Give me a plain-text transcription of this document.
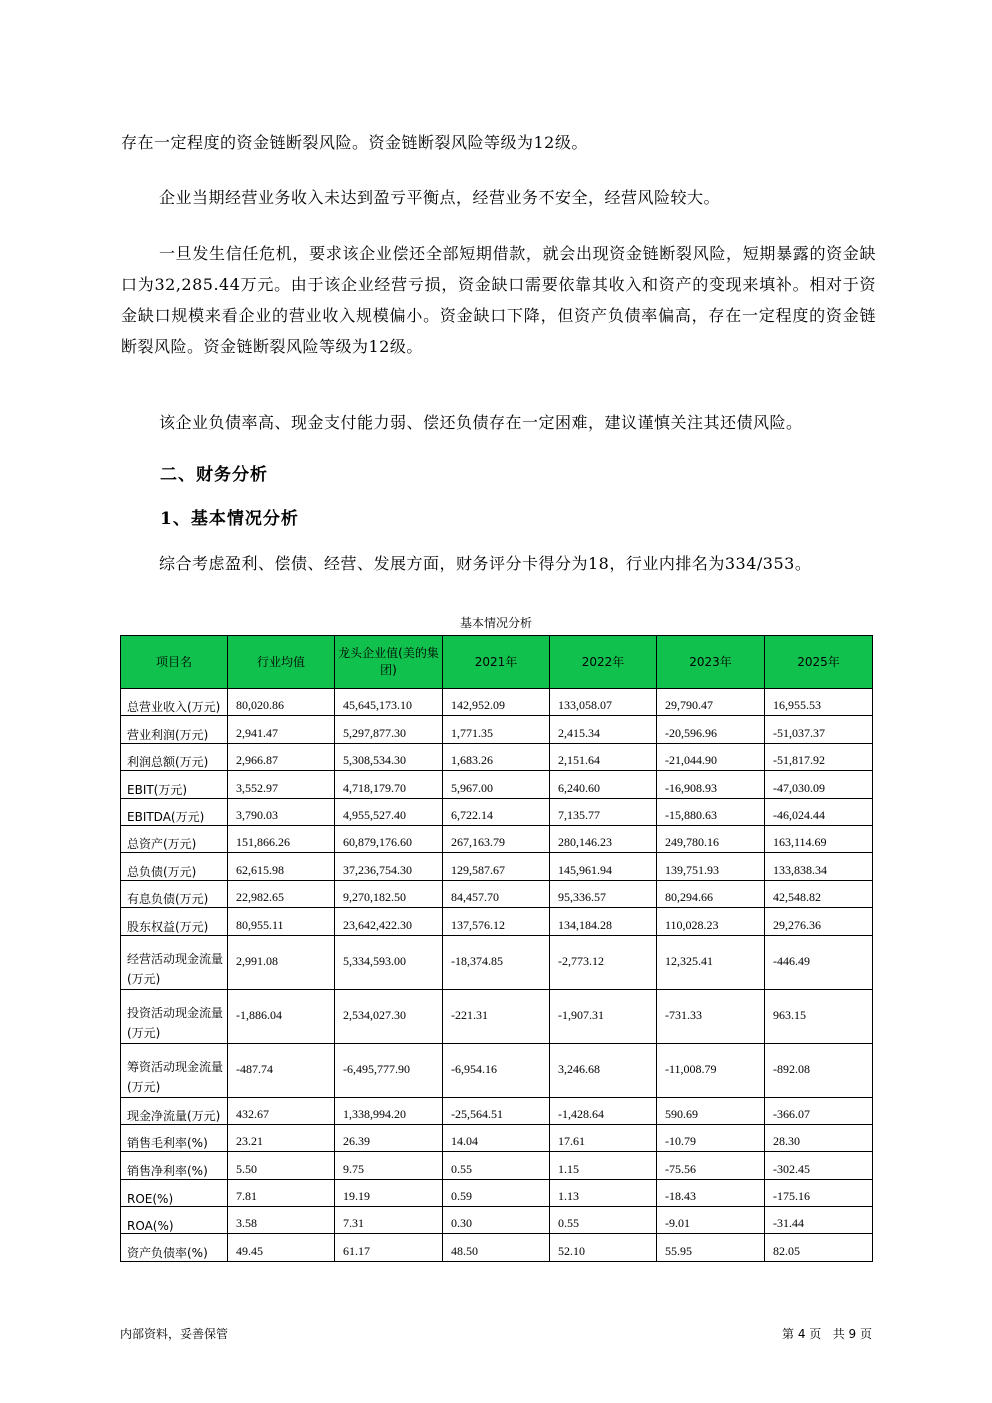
存在一定程度的资金链断裂风险。资金链断裂风险等级为12级。

企业当期经营业务收入未达到盈亏平衡点，经营业务不安全，经营风险较大。

一旦发生信任危机，要求该企业偿还全部短期借款，就会出现资金链断裂风险，短期暴露的资金缺口为32,285.44万元。由于该企业经营亏损，资金缺口需要依靠其收入和资产的变现来填补。相对于资金缺口规模来看企业的营业收入规模偏小。资金缺口下降，但资产负债率偏高，存在一定程度的资金链断裂风险。资金链断裂风险等级为12级。

该企业负债率高、现金支付能力弱、偿还负债存在一定困难，建议谨慎关注其还债风险。

二、财务分析
1、基本情况分析

综合考虑盈利、偿债、经营、发展方面，财务评分卡得分为18，行业内排名为334/353。

基本情况分析
项目名	行业均值	龙头企业值(美的集团)	2021年	2022年	2023年	2025年
总营业收入(万元)	80,020.86	45,645,173.10	142,952.09	133,058.07	29,790.47	16,955.53
营业利润(万元)	2,941.47	5,297,877.30	1,771.35	2,415.34	-20,596.96	-51,037.37
利润总额(万元)	2,966.87	5,308,534.30	1,683.26	2,151.64	-21,044.90	-51,817.92
EBIT(万元)	3,552.97	4,718,179.70	5,967.00	6,240.60	-16,908.93	-47,030.09
EBITDA(万元)	3,790.03	4,955,527.40	6,722.14	7,135.77	-15,880.63	-46,024.44
总资产(万元)	151,866.26	60,879,176.60	267,163.79	280,146.23	249,780.16	163,114.69
总负债(万元)	62,615.98	37,236,754.30	129,587.67	145,961.94	139,751.93	133,838.34
有息负债(万元)	22,982.65	9,270,182.50	84,457.70	95,336.57	80,294.66	42,548.82
股东权益(万元)	80,955.11	23,642,422.30	137,576.12	134,184.28	110,028.23	29,276.36
经营活动现金流量(万元)	2,991.08	5,334,593.00	-18,374.85	-2,773.12	12,325.41	-446.49
投资活动现金流量(万元)	-1,886.04	2,534,027.30	-221.31	-1,907.31	-731.33	963.15
筹资活动现金流量(万元)	-487.74	-6,495,777.90	-6,954.16	3,246.68	-11,008.79	-892.08
现金净流量(万元)	432.67	1,338,994.20	-25,564.51	-1,428.64	590.69	-366.07
销售毛利率(%)	23.21	26.39	14.04	17.61	-10.79	28.30
销售净利率(%)	5.50	9.75	0.55	1.15	-75.56	-302.45
ROE(%)	7.81	19.19	0.59	1.13	-18.43	-175.16
ROA(%)	3.58	7.31	0.30	0.55	-9.01	-31.44
资产负债率(%)	49.45	61.17	48.50	52.10	55.95	82.05
内部资料，妥善保管	第 4 页   共 9 页
